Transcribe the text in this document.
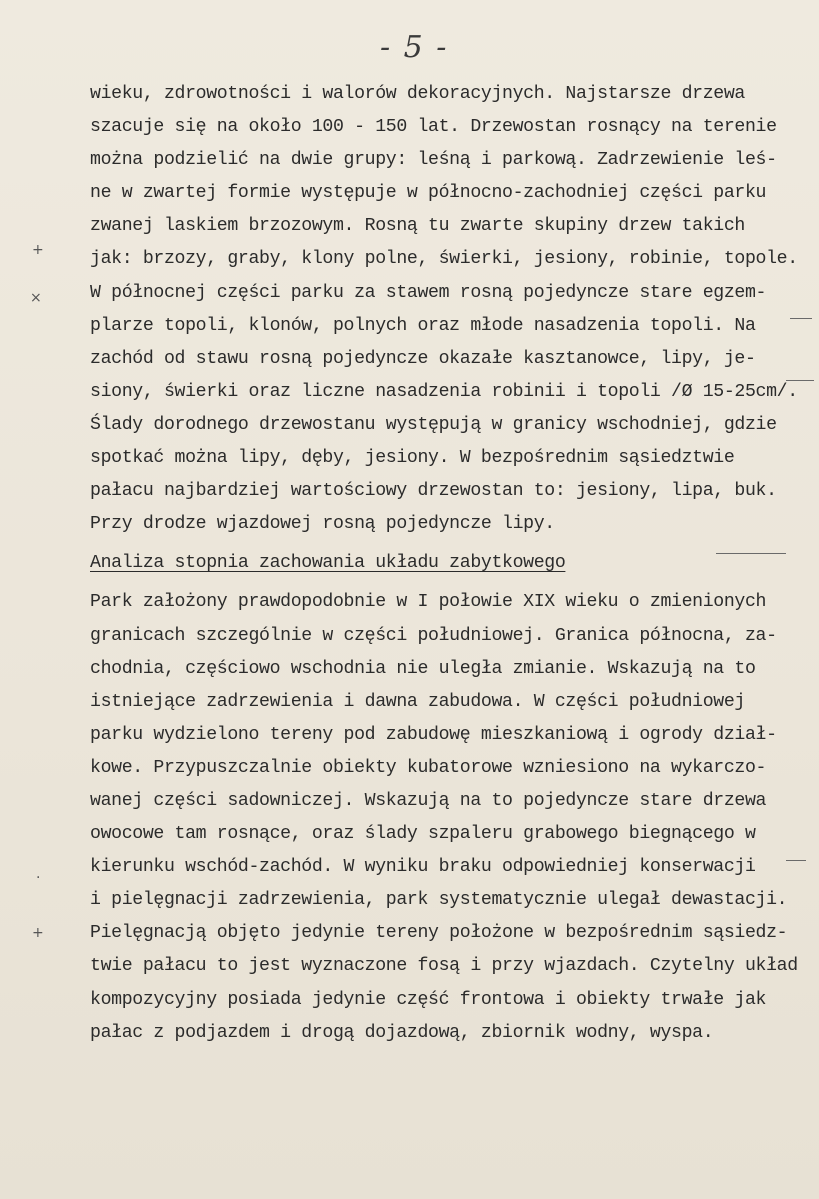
- 5 -
wieku, zdrowotności i walorów dekoracyjnych. Najstarsze drzewa
szacuje się na około 100 - 150 lat. Drzewostan rosnący na terenie
można podzielić na dwie grupy: leśną i parkową. Zadrzewienie leś-
ne w zwartej formie występuje w północno-zachodniej części parku
zwanej laskiem brzozowym. Rosną tu zwarte skupiny drzew takich
jak: brzozy, graby, klony polne, świerki, jesiony, robinie, topole.
W północnej części parku za stawem rosną pojedyncze stare egzem-
plarze topoli, klonów, polnych oraz młode nasadzenia topoli. Na
zachód od stawu rosną pojedyncze okazałe kasztanowce, lipy, je-
siony, świerki oraz liczne nasadzenia robinii i topoli /Ø 15-25cm/.
Ślady dorodnego drzewostanu występują w granicy wschodniej, gdzie
spotkać można lipy, dęby, jesiony. W bezpośrednim sąsiedztwie
pałacu najbardziej wartościowy drzewostan to: jesiony, lipa, buk.
Przy drodze wjazdowej rosną pojedyncze lipy.
Analiza stopnia zachowania układu zabytkowego
Park założony prawdopodobnie w I połowie XIX wieku o zmienionych
granicach szczególnie w części południowej. Granica północna, za-
chodnia, częściowo wschodnia nie uległa zmianie. Wskazują na to
istniejące zadrzewienia i dawna zabudowa. W części południowej
parku wydzielono tereny pod zabudowę mieszkaniową i ogrody dział-
kowe. Przypuszczalnie obiekty kubatorowe wzniesiono na wykarczo-
wanej części sadowniczej. Wskazują na to pojedyncze stare drzewa
owocowe tam rosnące, oraz ślady szpaleru grabowego biegnącego w
kierunku wschód-zachód. W wyniku braku odpowiedniej konserwacji
i pielęgnacji zadrzewienia, park systematycznie ulegał dewastacji.
Pielęgnacją objęto jedynie tereny położone w bezpośrednim sąsiedz-
twie pałacu to jest wyznaczone fosą i przy wjazdach. Czytelny układ
kompozycyjny posiada jedynie część frontowa i obiekty trwałe jak
pałac z podjazdem i drogą dojazdową, zbiornik wodny, wyspa.
+
×
·
+
